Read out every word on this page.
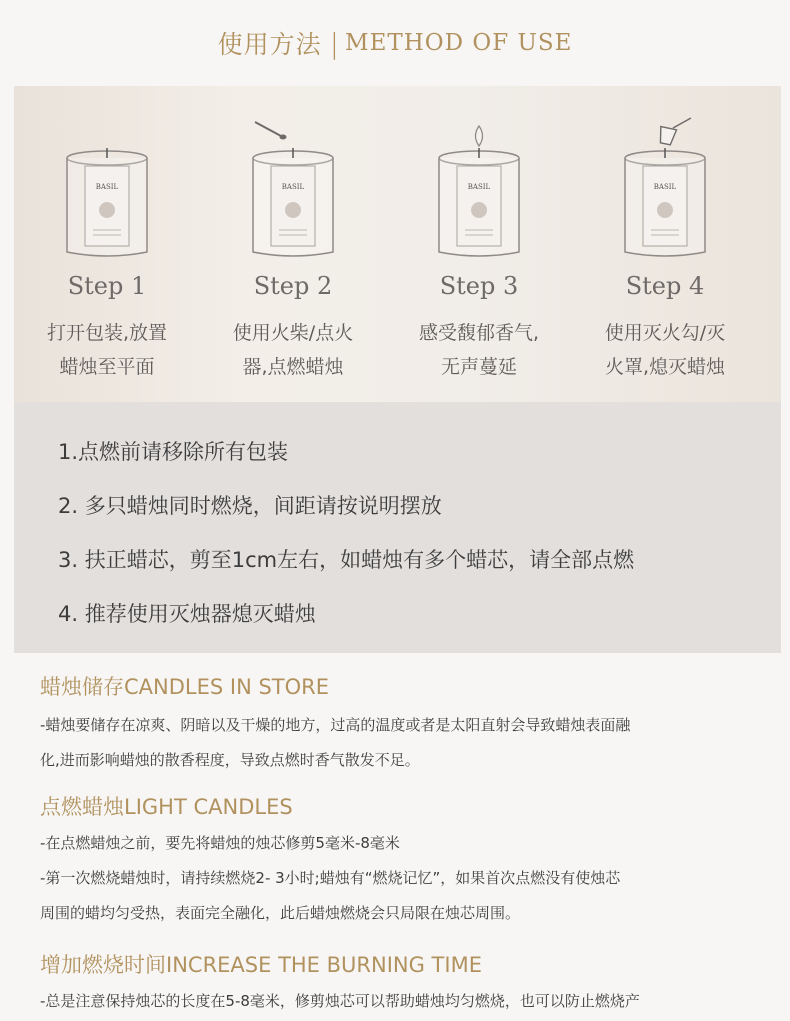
使用方法 | METHOD OF USE
BASIL
Step 1
打开包装,放置
蜡烛至平面
BASIL
Step 2
使用火柴/点火
器,点燃蜡烛
BASIL
Step 3
感受馥郁香气,
无声蔓延
BASIL
Step 4
使用灭火勾/灭
火罩,熄灭蜡烛
1.点燃前请移除所有包装
2. 多只蜡烛同时燃烧，间距请按说明摆放
3. 扶正蜡芯，剪至1cm左右，如蜡烛有多个蜡芯，请全部点燃
4. 推荐使用灭烛器熄灭蜡烛
蜡烛储存CANDLES IN STORE
-蜡烛要储存在凉爽、阴暗以及干燥的地方，过高的温度或者是太阳直射会导致蜡烛表面融
化,进而影响蜡烛的散香程度，导致点燃时香气散发不足。
点燃蜡烛LIGHT CANDLES
-在点燃蜡烛之前，要先将蜡烛的烛芯修剪5毫米-8毫米
-第一次燃烧蜡烛时，请持续燃烧2- 3小时;蜡烛有“燃烧记忆”，如果首次点燃没有使烛芯
周围的蜡均匀受热，表面完全融化，此后蜡烛燃烧会只局限在烛芯周围。
增加燃烧时间INCREASE THE BURNING TIME
-总是注意保持烛芯的长度在5-8毫米，修剪烛芯可以帮助蜡烛均匀燃烧，也可以防止燃烧产
